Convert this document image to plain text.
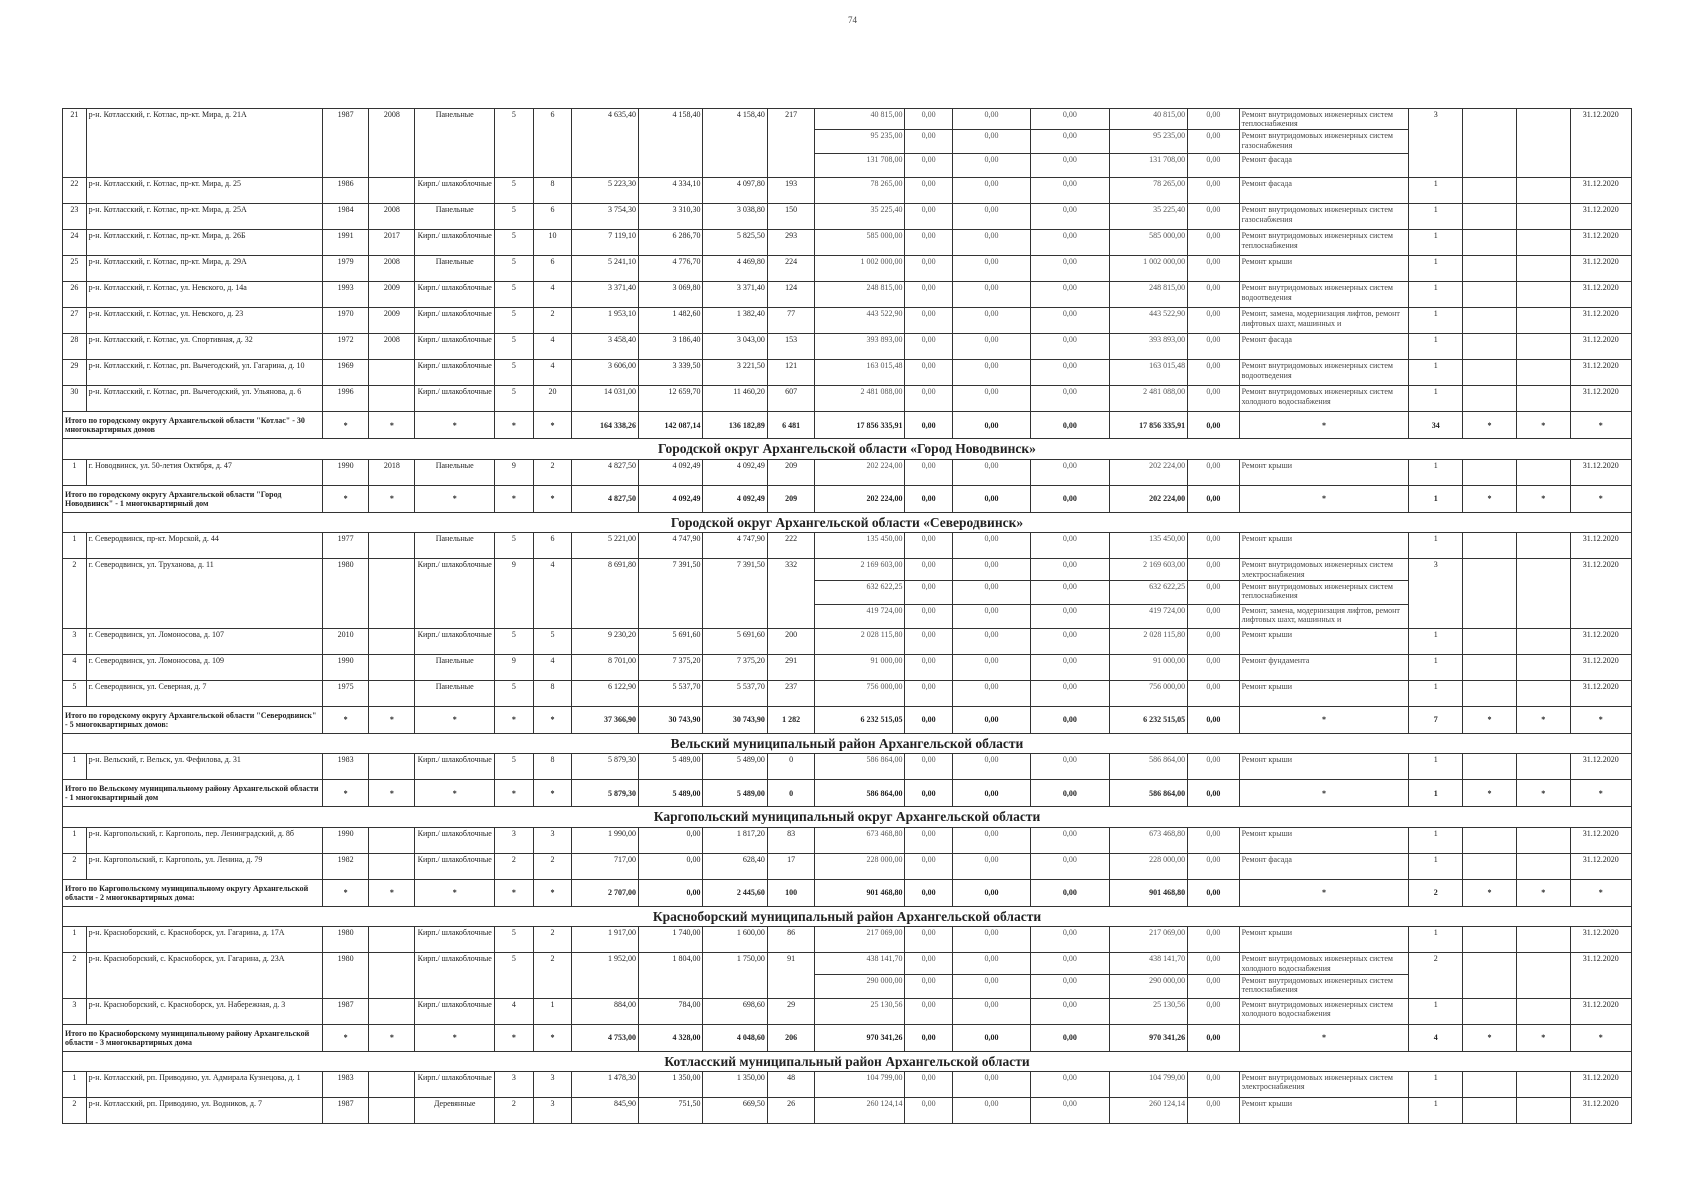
74
21	р-н. Котласский, г. Котлас, пр-кт. Мира, д. 21А	1987	2008	Панельные	5	6	4 635,40	4 158,40	4 158,40	217	40 815,00	0,00	0,00	0,00	40 815,00	0,00	Ремонт внутридомовых инженерных систем теплоснабжения	3			31.12.2020
											95 235,00	0,00	0,00	0,00	95 235,00	0,00	Ремонт внутридомовых инженерных систем газоснабжения				
											131 708,00	0,00	0,00	0,00	131 708,00	0,00	Ремонт фасада				
22	р-н. Котласский, г. Котлас, пр-кт. Мира, д. 25	1986		Кирп./ шлакоблочные	5	8	5 223,30	4 334,10	4 097,80	193	78 265,00	0,00	0,00	0,00	78 265,00	0,00	Ремонт фасада	1			31.12.2020
23	р-н. Котласский, г. Котлас, пр-кт. Мира, д. 25А	1984	2008	Панельные	5	6	3 754,30	3 310,30	3 038,80	150	35 225,40	0,00	0,00	0,00	35 225,40	0,00	Ремонт внутридомовых инженерных систем газоснабжения	1			31.12.2020
24	р-н. Котласский, г. Котлас, пр-кт. Мира, д. 26Б	1991	2017	Кирп./ шлакоблочные	5	10	7 119,10	6 286,70	5 825,50	293	585 000,00	0,00	0,00	0,00	585 000,00	0,00	Ремонт внутридомовых инженерных систем теплоснабжения	1			31.12.2020
25	р-н. Котласский, г. Котлас, пр-кт. Мира, д. 29А	1979	2008	Панельные	5	6	5 241,10	4 776,70	4 469,80	224	1 002 000,00	0,00	0,00	0,00	1 002 000,00	0,00	Ремонт крыши	1			31.12.2020
26	р-н. Котласский, г. Котлас, ул. Невского, д. 14а	1993	2009	Кирп./ шлакоблочные	5	4	3 371,40	3 069,80	3 371,40	124	248 815,00	0,00	0,00	0,00	248 815,00	0,00	Ремонт внутридомовых инженерных систем водоотведения	1			31.12.2020
27	р-н. Котласский, г. Котлас, ул. Невского, д. 23	1970	2009	Кирп./ шлакоблочные	5	2	1 953,10	1 482,60	1 382,40	77	443 522,90	0,00	0,00	0,00	443 522,90	0,00	Ремонт, замена, модернизация лифтов, ремонт лифтовых шахт, машинных и	1			31.12.2020
28	р-н. Котласский, г. Котлас, ул. Спортивная, д. 32	1972	2008	Кирп./ шлакоблочные	5	4	3 458,40	3 186,40	3 043,00	153	393 893,00	0,00	0,00	0,00	393 893,00	0,00	Ремонт фасада	1			31.12.2020
29	р-н. Котласский, г. Котлас, рп. Вычегодский, ул. Гагарина, д. 10	1969		Кирп./ шлакоблочные	5	4	3 606,00	3 339,50	3 221,50	121	163 015,48	0,00	0,00	0,00	163 015,48	0,00	Ремонт внутридомовых инженерных систем водоотведения	1			31.12.2020
30	р-н. Котласский, г. Котлас, рп. Вычегодский, ул. Ульянова, д. 6	1996		Кирп./ шлакоблочные	5	20	14 031,00	12 659,70	11 460,20	607	2 481 088,00	0,00	0,00	0,00	2 481 088,00	0,00	Ремонт внутридомовых инженерных систем холодного водоснабжения	1			31.12.2020
Итого по городскому округу Архангельской области "Котлас" - 30 многоквартирных домов		*	*	*	*	*	164 338,26	142 087,14	136 182,89	6 481	17 856 335,91	0,00	0,00	0,00	17 856 335,91	0,00	*	34	*	*	*
Городской округ Архангельской области «Город Новодвинск»																					
1	г. Новодвинск, ул. 50-летия Октября, д. 47	1990	2018	Панельные	9	2	4 827,50	4 092,49	4 092,49	209	202 224,00	0,00	0,00	0,00	202 224,00	0,00	Ремонт крыши	1			31.12.2020
Итого по городскому округу Архангельской области "Город Новодвинск" - 1 многоквартирный дом		*	*	*	*	*	4 827,50	4 092,49	4 092,49	209	202 224,00	0,00	0,00	0,00	202 224,00	0,00	*	1	*	*	*
Городской округ Архангельской области «Северодвинск»																					
1	г. Северодвинск, пр-кт. Морской, д. 44	1977		Панельные	5	6	5 221,00	4 747,90	4 747,90	222	135 450,00	0,00	0,00	0,00	135 450,00	0,00	Ремонт крыши	1			31.12.2020
2	г. Северодвинск, ул. Труханова, д. 11	1980		Кирп./ шлакоблочные	9	4	8 691,80	7 391,50	7 391,50	332	2 169 603,00	0,00	0,00	0,00	2 169 603,00	0,00	Ремонт внутридомовых инженерных систем электроснабжения	3			31.12.2020
											632 622,25	0,00	0,00	0,00	632 622,25	0,00	Ремонт внутридомовых инженерных систем теплоснабжения				
											419 724,00	0,00	0,00	0,00	419 724,00	0,00	Ремонт, замена, модернизация лифтов, ремонт лифтовых шахт, машинных и				
3	г. Северодвинск, ул. Ломоносова, д. 107	2010		Кирп./ шлакоблочные	5	5	9 230,20	5 691,60	5 691,60	200	2 028 115,80	0,00	0,00	0,00	2 028 115,80	0,00	Ремонт крыши	1			31.12.2020
4	г. Северодвинск, ул. Ломоносова, д. 109	1990		Панельные	9	4	8 701,00	7 375,20	7 375,20	291	91 000,00	0,00	0,00	0,00	91 000,00	0,00	Ремонт фундамента	1			31.12.2020
5	г. Северодвинск, ул. Северная, д. 7	1975		Панельные	5	8	6 122,90	5 537,70	5 537,70	237	756 000,00	0,00	0,00	0,00	756 000,00	0,00	Ремонт крыши	1			31.12.2020
Итого по городскому округу Архангельской области "Северодвинск" - 5 многоквартирных домов:		*	*	*	*	*	37 366,90	30 743,90	30 743,90	1 282	6 232 515,05	0,00	0,00	0,00	6 232 515,05	0,00	*	7	*	*	*
Вельский муниципальный район Архангельской области																					
1	р-н. Вельский, г. Вельск, ул. Фефилова, д. 31	1983		Кирп./ шлакоблочные	5	8	5 879,30	5 489,00	5 489,00	0	586 864,00	0,00	0,00	0,00	586 864,00	0,00	Ремонт крыши	1			31.12.2020
Итого по Вельскому муниципальному району Архангельской области - 1 многоквартирный дом		*	*	*	*	*	5 879,30	5 489,00	5 489,00	0	586 864,00	0,00	0,00	0,00	586 864,00	0,00	*	1	*	*	*
Каргопольский муниципальный округ Архангельской области																					
1	р-н. Каргопольский, г. Каргополь, пер. Ленинградский, д. 8б	1990		Кирп./ шлакоблочные	3	3	1 990,00	0,00	1 817,20	83	673 468,80	0,00	0,00	0,00	673 468,80	0,00	Ремонт крыши	1			31.12.2020
2	р-н. Каргопольский, г. Каргополь, ул. Ленина, д. 79	1982		Кирп./ шлакоблочные	2	2	717,00	0,00	628,40	17	228 000,00	0,00	0,00	0,00	228 000,00	0,00	Ремонт фасада	1			31.12.2020
Итого по Каргопольскому муниципальному округу Архангельской области - 2 многоквартирных дома:		*	*	*	*	*	2 707,00	0,00	2 445,60	100	901 468,80	0,00	0,00	0,00	901 468,80	0,00	*	2	*	*	*
Красноборский муниципальный район Архангельской области																					
1	р-н. Красноборский, с. Красноборск, ул. Гагарина, д. 17А	1980		Кирп./ шлакоблочные	5	2	1 917,00	1 740,00	1 600,00	86	217 069,00	0,00	0,00	0,00	217 069,00	0,00	Ремонт крыши	1			31.12.2020
2	р-н. Красноборский, с. Красноборск, ул. Гагарина, д. 23А	1980		Кирп./ шлакоблочные	5	2	1 952,00	1 804,00	1 750,00	91	438 141,70	0,00	0,00	0,00	438 141,70	0,00	Ремонт внутридомовых инженерных систем холодного водоснабжения	2			31.12.2020
											290 000,00	0,00	0,00	0,00	290 000,00	0,00	Ремонт внутридомовых инженерных систем теплоснабжения				
3	р-н. Красноборский, с. Красноборск, ул. Набережная, д. 3	1987		Кирп./ шлакоблочные	4	1	884,00	784,00	698,60	29	25 130,56	0,00	0,00	0,00	25 130,56	0,00	Ремонт внутридомовых инженерных систем холодного водоснабжения	1			31.12.2020
Итого по Красноборскому муниципальному району Архангельской области - 3 многоквартирных дома		*	*	*	*	*	4 753,00	4 328,00	4 048,60	206	970 341,26	0,00	0,00	0,00	970 341,26	0,00	*	4	*	*	*
Котласский муниципальный район Архангельской области																					
1	р-н. Котласский, рп. Приводино, ул. Адмирала Кузнецова, д. 1	1983		Кирп./ шлакоблочные	3	3	1 478,30	1 350,00	1 350,00	48	104 799,00	0,00	0,00	0,00	104 799,00	0,00	Ремонт внутридомовых инженерных систем электроснабжения	1			31.12.2020
2	р-н. Котласский, рп. Приводино, ул. Водников, д. 7	1987		Деревянные	2	3	845,90	751,50	669,50	26	260 124,14	0,00	0,00	0,00	260 124,14	0,00	Ремонт крыши	1			31.12.2020
